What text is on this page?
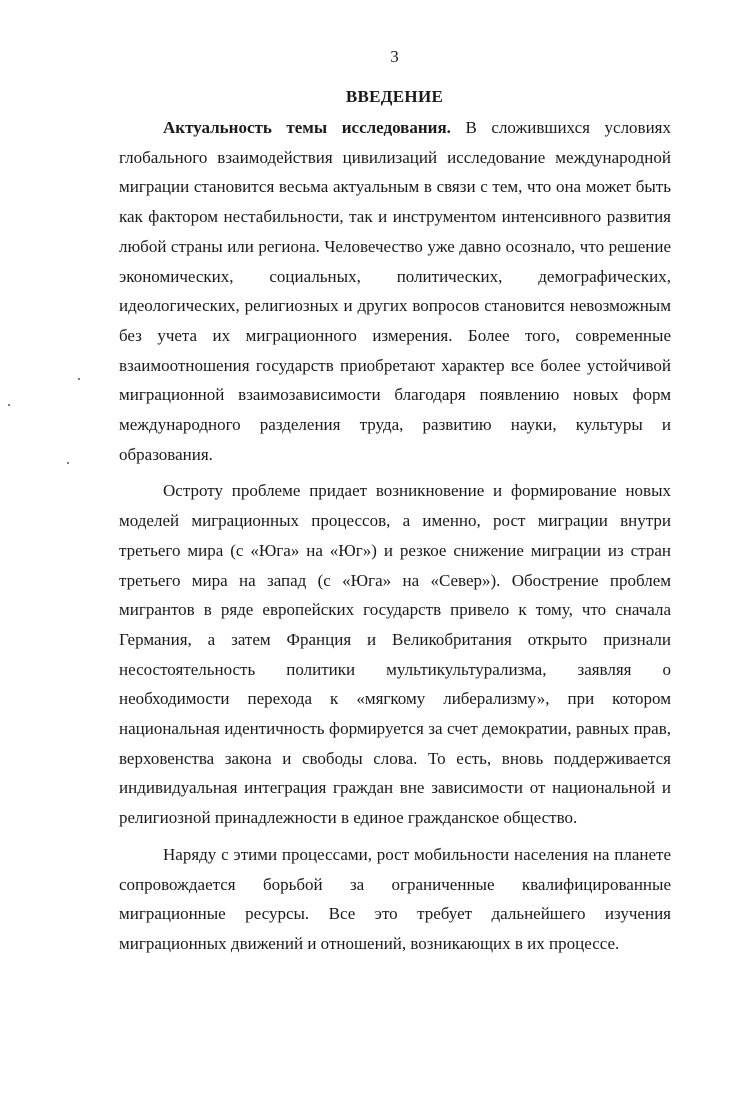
3
ВВЕДЕНИЕ

Актуальность темы исследования. В сложившихся условиях глобального взаимодействия цивилизаций исследование международной миграции становится весьма актуальным в связи с тем, что она может быть как фактором нестабильности, так и инструментом интенсивного развития любой страны или региона. Человечество уже давно осознало, что решение экономических, социальных, политических, демографических, идеологических, религиозных и других вопросов становится невозможным без учета их миграционного измерения. Более того, современные взаимоотношения государств приобретают характер все более устойчивой миграционной взаимозависимости благодаря появлению новых форм международного разделения труда, развитию науки, культуры и образования.

Остроту проблеме придает возникновение и формирование новых моделей миграционных процессов, а именно, рост миграции внутри третьего мира (с «Юга» на «Юг») и резкое снижение миграции из стран третьего мира на запад (с «Юга» на «Север»). Обострение проблем мигрантов в ряде европейских государств привело к тому, что сначала Германия, а затем Франция и Великобритания открыто признали несостоятельность политики мультикультурализма, заявляя о необходимости перехода к «мягкому либерализму», при котором национальная идентичность формируется за счет демократии, равных прав, верховенства закона и свободы слова. То есть, вновь поддерживается индивидуальная интеграция граждан вне зависимости от национальной и религиозной принадлежности в единое гражданское общество.

Наряду с этими процессами, рост мобильности населения на планете сопровождается борьбой за ограниченные квалифицированные миграционные ресурсы. Все это требует дальнейшего изучения миграционных движений и отношений, возникающих в их процессе.
